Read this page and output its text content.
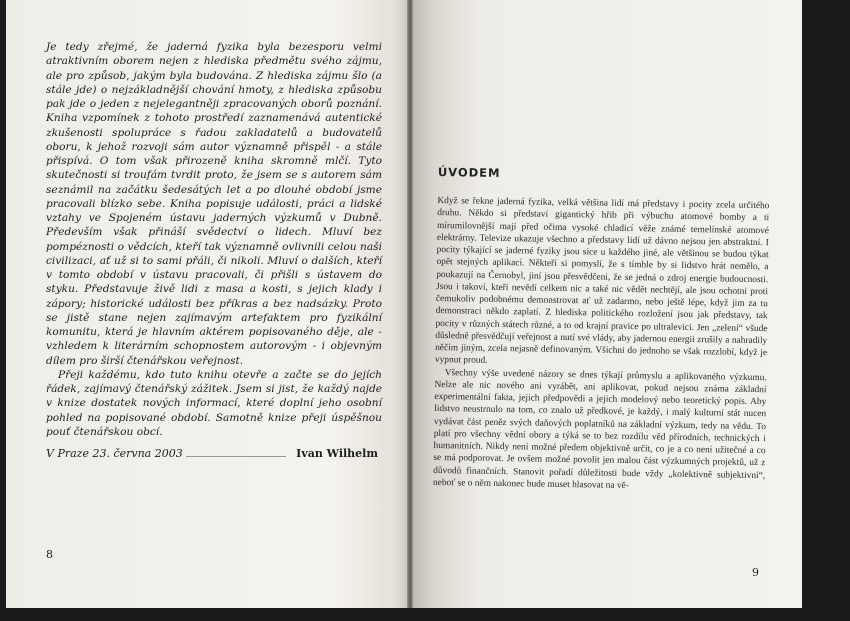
Je tedy zřejmé, že jaderná fyzika byla bezesporu velmi atraktivním oborem nejen z hlediska předmětu svého zájmu, ale pro způsob, jakým byla budována. Z hlediska zájmu šlo (a stále jde) o nejzákladnější chování hmoty, z hlediska způsobu pak jde o jeden z nejelegantněji zpracovaných oborů poznání. Kniha vzpomínek z tohoto prostředí zaznamenává autentické zkušenosti spolupráce s řadou zakladatelů a budovatelů oboru, k jehož rozvoji sám autor významně přispěl - a stále přispívá. O tom však přirozeně kniha skromně mlčí. Tyto skutečnosti si troufám tvrdit proto, že jsem se s autorem sám seznámil na začátku šedesátých let a po dlouhé období jsme pracovali blízko sebe. Kniha popisuje události, práci a lidské vztahy ve Spojeném ústavu jaderných výzkumů v Dubně. Především však přináší svědectví o lidech. Mluví bez pompéznosti o vědcích, kteří tak významně ovlivnili celou naši civilizaci, ať už si to sami přáli, či nikoli. Mluví o dalších, kteří v tomto období v ústavu pracovali, či přišli s ústavem do styku. Představuje živě lidi z masa a kosti, s jejich klady i zápory; historické události bez příkras a bez nadsázky. Proto se jistě stane nejen zajímavým artefaktem pro fyzikální komunitu, která je hlavním aktérem popisovaného děje, ale - vzhledem k literárním schopnostem autorovým - i objevným dílem pro širší čtenářskou veřejnost.

Přeji každému, kdo tuto knihu otevře a začte se do jejích řádek, zajímavý čtenářský zážitek. Jsem si jist, že každý najde v knize dostatek nových informací, které doplní jeho osobní pohled na popisované období. Samotně knize přeji úspěšnou pouť čtenářskou obcí.

V Praze 23. června 2003	Ivan Wilhelm
8
ÚVODEM

Když se řekne jaderná fyzika, velká většina lidí má představy i pocity zcela určitého druhu. Někdo si představí gigantický hřib při výbuchu atomové bomby a ti mírumilovnější mají před očima vysoké chladicí věže známé temelínské atomové elektrárny. Televize ukazuje všechno a představy lidí už dávno nejsou jen abstraktní. I pocity týkající se jaderné fyziky jsou sice u každého jiné, ale většinou se budou týkat opět stejných aplikací. Někteří si pomyslí, že s tímhle by si lidstvo hrát nemělo, a poukazují na Černobyl, jiní jsou přesvědčeni, že se jedná o zdroj energie budoucnosti. Jsou i takoví, kteří nevědí celkem nic a také nic vědět nechtějí, ale jsou ochotni proti čemukoliv podobnému demonstrovat ať už zadarmo, nebo ještě lépe, když jim za tu demonstraci někdo zaplatí. Z hlediska politického rozložení jsou jak představy, tak pocity v různých státech různé, a to od krajní pravice po ultralevici. Jen „zelení“ všude důsledně přesvědčují veřejnost a nutí své vlády, aby jadernou energii zrušily a nahradily něčím jiným, zcela nejasně definovaným. Všichni do jednoho se však rozzlobí, když je vypnut proud.

Všechny výše uvedené názory se dnes týkají průmyslu a aplikovaného výzkumu. Nelze ale nic nového ani vyrábět, ani aplikovat, pokud nejsou známa základní experimentální fakta, jejich předpovědi a jejich modelový nebo teoretický popis. Aby lidstvo neustrnulo na tom, co znalo už předkové, je každý, i malý kulturní stát nucen vydávat část peněz svých daňových poplatníků na základní výzkum, tedy na vědu. To platí pro všechny vědní obory a týká se to bez rozdílu věd přírodních, technických i humanitních. Nikdy není možné předem objektivně určit, co je a co není užitečné a co se má podporovat. Je ovšem možné povolit jen malou část výzkumných projektů, už z důvodů finančních. Stanovit pořadí důležitosti bude vždy „kolektivně subjektivní“, neboť se o něm nakonec bude muset hlasovat na vě-

9
